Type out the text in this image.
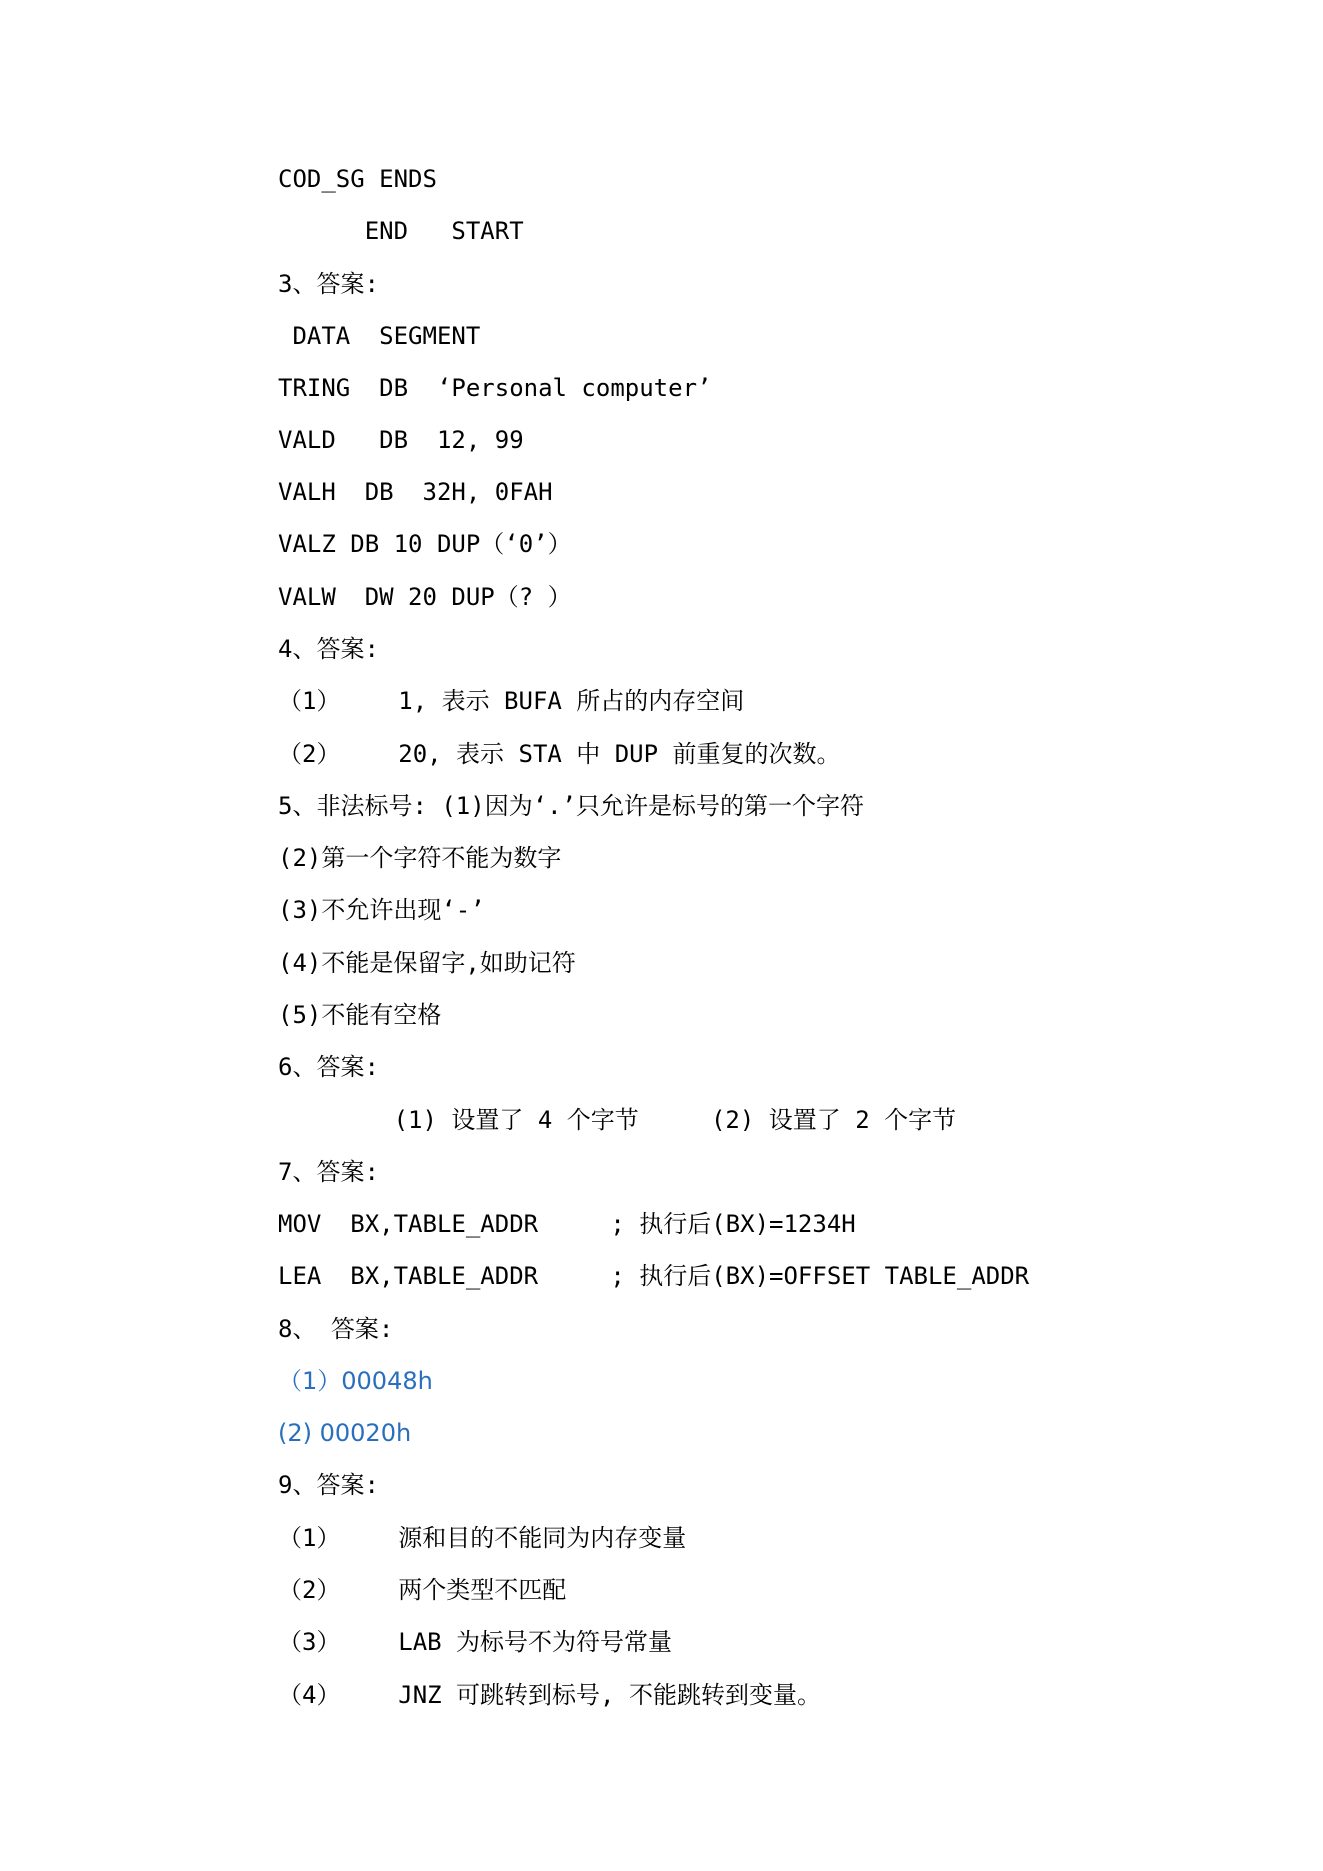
COD_SG ENDS
END   START
3、答案:
DATA  SEGMENT
TRING  DB  ‘Personal computer’
VALD   DB  12, 99
VALH  DB  32H, 0FAH
VALZ DB 10 DUP（‘0’）
VALW  DW 20 DUP（? ）
4、答案:
（1）    1, 表示 BUFA 所占的内存空间
（2）    20, 表示 STA 中 DUP 前重复的次数。
5、非法标号: (1)因为‘.’只允许是标号的第一个字符
(2)第一个字符不能为数字
(3)不允许出现‘-’
(4)不能是保留字,如助记符
(5)不能有空格
6、答案:
(1) 设置了 4 个字节     (2) 设置了 2 个字节
7、答案:
MOV  BX,TABLE_ADDR     ; 执行后(BX)=1234H
LEA  BX,TABLE_ADDR     ; 执行后(BX)=OFFSET TABLE_ADDR
8、 答案:
（1）00048h
(2) 00020h
9、答案:
（1）    源和目的不能同为内存变量
（2）    两个类型不匹配
（3）    LAB 为标号不为符号常量
（4）    JNZ 可跳转到标号, 不能跳转到变量。
